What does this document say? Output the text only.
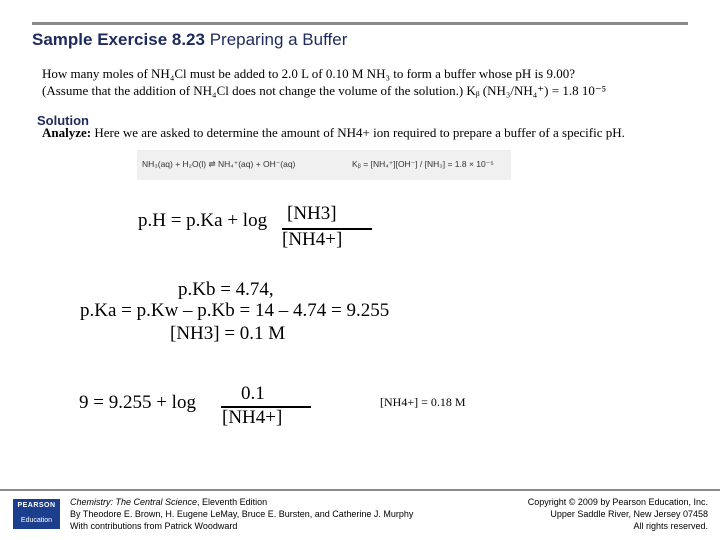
Sample Exercise 8.23 Preparing a Buffer
How many moles of NH₄Cl must be added to 2.0 L of 0.10 M NH₃ to form a buffer whose pH is 9.00?
(Assume that the addition of NH₄Cl does not change the volume of the solution.) Kᵦ (NH₃/NH₄⁺) = 1.8 10⁻⁵
Solution
Analyze: Here we are asked to determine the amount of NH4+ ion required to prepare a buffer of a specific pH.
NH₃(aq) + H₂O(l) ⇌ NH₄⁺(aq) + OH⁻(aq)	Kᵦ = [NH₄⁺][OH⁻] / [NH₃] = 1.8 × 10⁻⁵
p.H = p.Ka + log [NH3]
[NH4+]
p.Kb = 4.74,
p.Ka = p.Kw – p.Kb = 14 – 4.74 = 9.255
[NH3] = 0.1 M
9 = 9.255 + log 0.1
[NH4+]
[NH4+] = 0.18 M
PEARSON
Education
Chemistry: The Central Science, Eleventh Edition
By Theodore E. Brown, H. Eugene LeMay, Bruce E. Bursten, and Catherine J. Murphy
With contributions from Patrick Woodward
Copyright © 2009 by Pearson Education, Inc.
Upper Saddle River, New Jersey 07458
All rights reserved.
